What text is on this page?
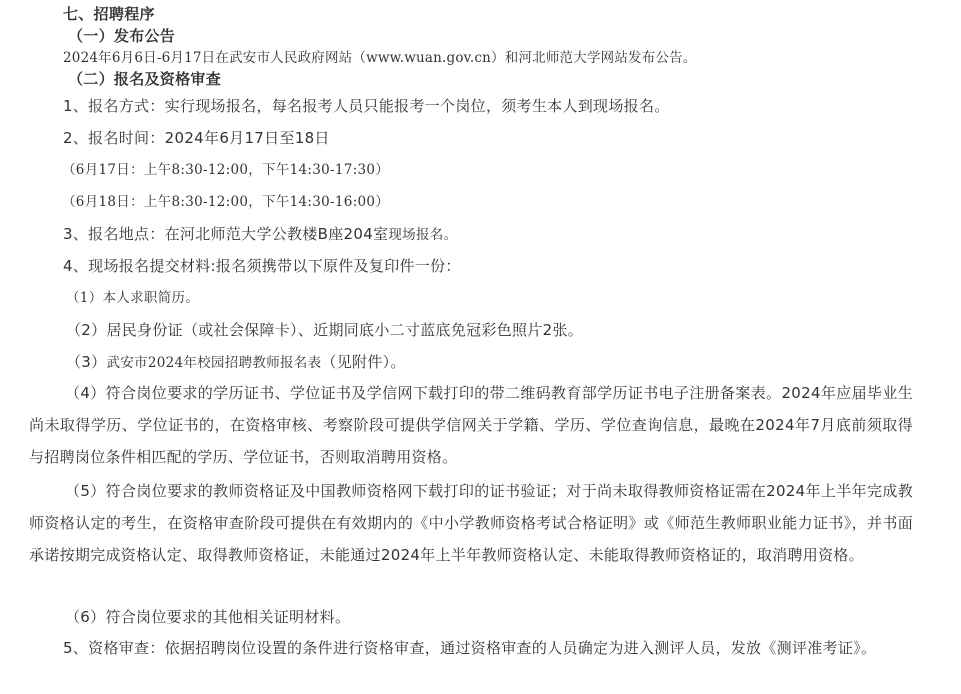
七、招聘程序
（一）发布公告
2024年6月6日-6月17日在武安市人民政府网站（www.wuan.gov.cn）和河北师范大学网站发布公告。
（二）报名及资格审查
1、报名方式：实行现场报名，每名报考人员只能报考一个岗位，须考生本人到现场报名。
2、报名时间：2024年6月17日至18日
（6月17日：上午8:30-12:00，下午14:30-17:30）
（6月18日：上午8:30-12:00，下午14:30-16:00）
3、报名地点：在河北师范大学公教楼B座204室现场报名。
4、现场报名提交材料:报名须携带以下原件及复印件一份：
（1）本人求职简历。
（2）居民身份证（或社会保障卡）、近期同底小二寸蓝底免冠彩色照片2张。
（3）武安市2024年校园招聘教师报名表（见附件）。
（4）符合岗位要求的学历证书、学位证书及学信网下载打印的带二维码教育部学历证书电子注册备案表。2024年应届毕业生尚未取得学历、学位证书的，在资格审核、考察阶段可提供学信网关于学籍、学历、学位查询信息，最晚在2024年7月底前须取得与招聘岗位条件相匹配的学历、学位证书，否则取消聘用资格。
（5）符合岗位要求的教师资格证及中国教师资格网下载打印的证书验证；对于尚未取得教师资格证需在2024年上半年完成教师资格认定的考生，在资格审查阶段可提供在有效期内的《中小学教师资格考试合格证明》或《师范生教师职业能力证书》，并书面承诺按期完成资格认定、取得教师资格证，未能通过2024年上半年教师资格认定、未能取得教师资格证的，取消聘用资格。
（6）符合岗位要求的其他相关证明材料。
5、资格审查：依据招聘岗位设置的条件进行资格审查，通过资格审查的人员确定为进入测评人员，发放《测评准考证》。
